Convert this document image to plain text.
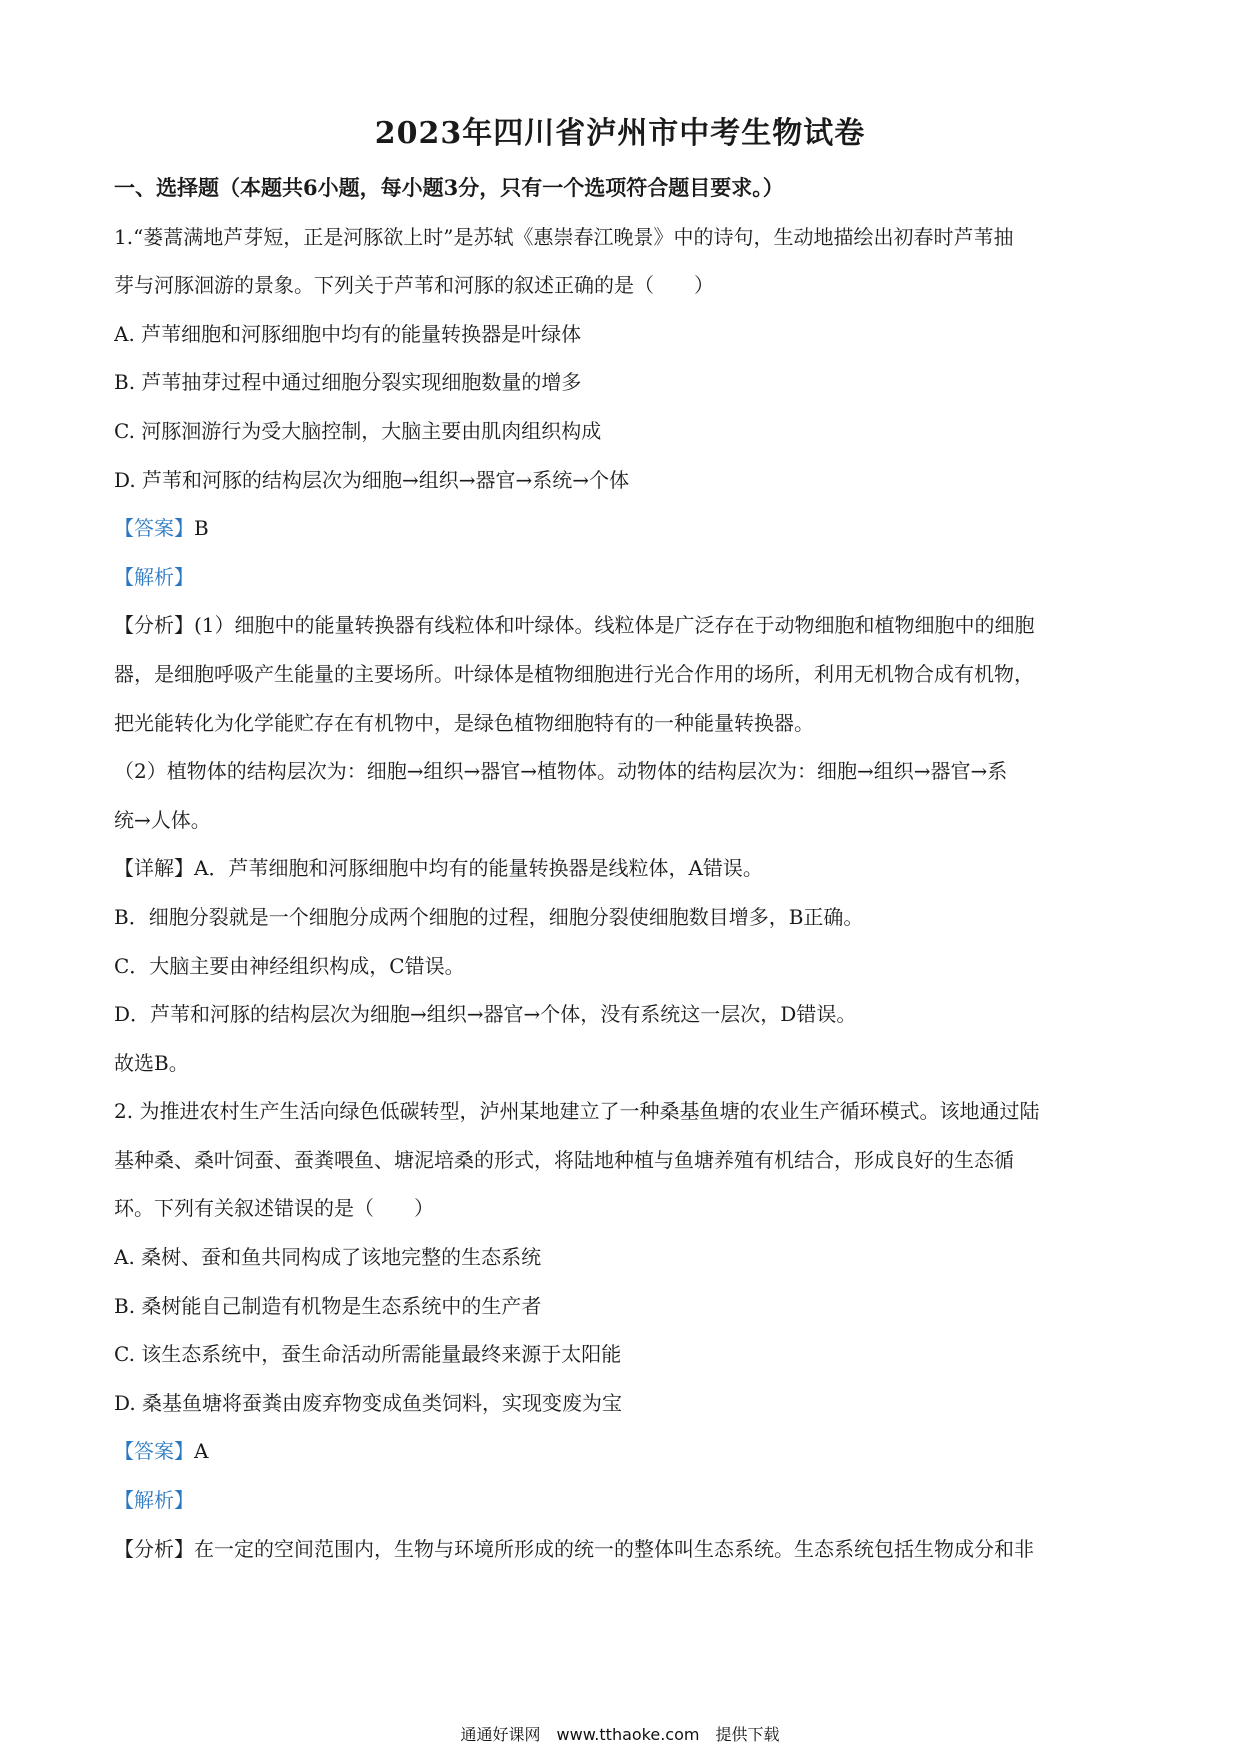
2023年四川省泸州市中考生物试卷
一、选择题（本题共6小题，每小题3分，只有一个选项符合题目要求。）
1.“蒌蒿满地芦芽短，正是河豚欲上时”是苏轼《惠崇春江晚景》中的诗句，生动地描绘出初春时芦苇抽
芽与河豚洄游的景象。下列关于芦苇和河豚的叙述正确的是（　　）
A. 芦苇细胞和河豚细胞中均有的能量转换器是叶绿体
B. 芦苇抽芽过程中通过细胞分裂实现细胞数量的增多
C. 河豚洄游行为受大脑控制，大脑主要由肌肉组织构成
D. 芦苇和河豚的结构层次为细胞→组织→器官→系统→个体
【答案】B
【解析】
【分析】(1）细胞中的能量转换器有线粒体和叶绿体。线粒体是广泛存在于动物细胞和植物细胞中的细胞
器，是细胞呼吸产生能量的主要场所。叶绿体是植物细胞进行光合作用的场所，利用无机物合成有机物，
把光能转化为化学能贮存在有机物中，是绿色植物细胞特有的一种能量转换器。
（2）植物体的结构层次为：细胞→组织→器官→植物体。动物体的结构层次为：细胞→组织→器官→系
统→人体。
【详解】A．芦苇细胞和河豚细胞中均有的能量转换器是线粒体，A错误。
B．细胞分裂就是一个细胞分成两个细胞的过程，细胞分裂使细胞数目增多，B正确。
C．大脑主要由神经组织构成，C错误。
D．芦苇和河豚的结构层次为细胞→组织→器官→个体，没有系统这一层次，D错误。
故选B。
2. 为推进农村生产生活向绿色低碳转型，泸州某地建立了一种桑基鱼塘的农业生产循环模式。该地通过陆
基种桑、桑叶饲蚕、蚕粪喂鱼、塘泥培桑的形式，将陆地种植与鱼塘养殖有机结合，形成良好的生态循
环。下列有关叙述错误的是（　　）
A. 桑树、蚕和鱼共同构成了该地完整的生态系统
B. 桑树能自己制造有机物是生态系统中的生产者
C. 该生态系统中，蚕生命活动所需能量最终来源于太阳能
D. 桑基鱼塘将蚕粪由废弃物变成鱼类饲料，实现变废为宝
【答案】A
【解析】
【分析】在一定的空间范围内，生物与环境所形成的统一的整体叫生态系统。生态系统包括生物成分和非
通通好课网　www.tthaoke.com　提供下载
